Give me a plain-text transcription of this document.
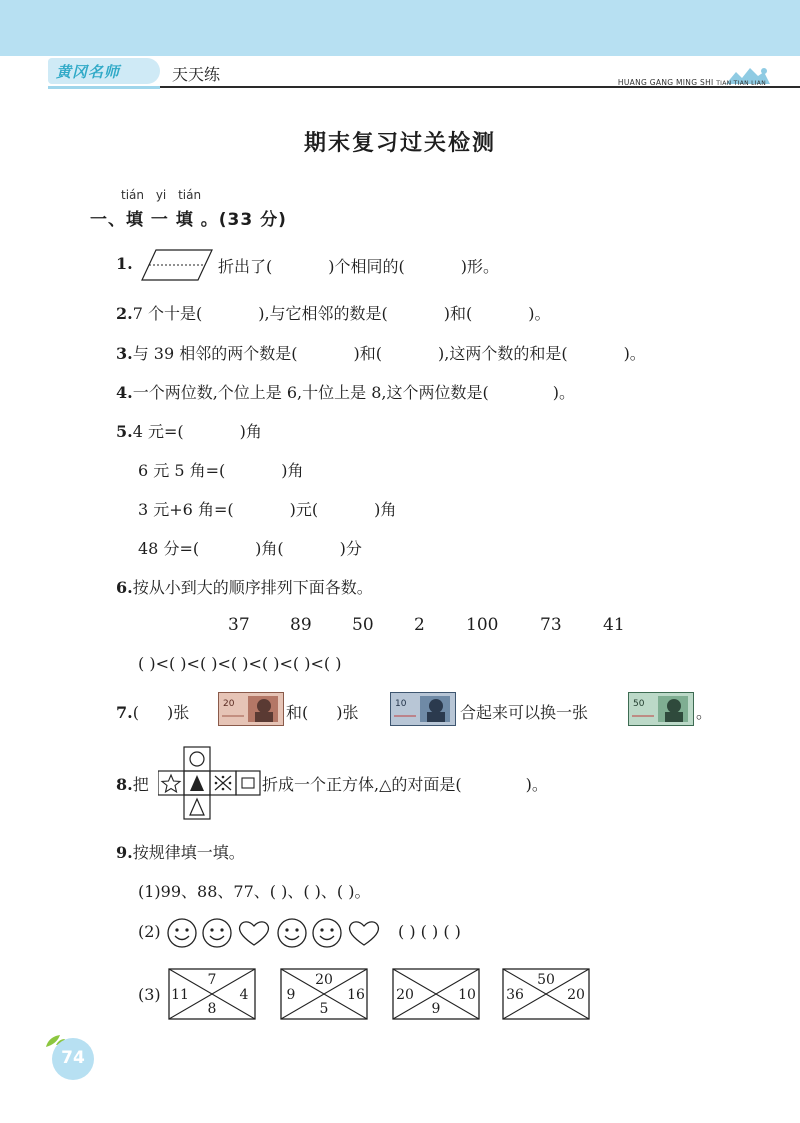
黄冈名师	天天练	HUANG GANG MING SHI TIAN TIAN LIAN
期末复习过关检测
tián yi tián
一、填 一 填 。(33 分)
1.	折出了(	)个相同的(	)形。
2.7 个十是(	),与它相邻的数是(	)和(	)。
3.与 39 相邻的两个数是(	)和(	),这两个数的和是(	)。
4.一个两位数,个位上是 6,十位上是 8,这个两位数是(	)。
5.4 元=(	)角
6 元 5 角=(	)角
3 元+6 角=(	)元(	)角
48 分=(	)角(	)分
6.按从小到大的顺序排列下面各数。
37 89 50 2 100 73 41
( )<( )<( )<( )<( )<( )<( )
7.( )张	20	和( )张	10	合起来可以换一张	50	。
8.把	折成一个正方体,△的对面是(	)。
9.按规律填一填。
(1)99、88、77、( )、( )、( )。
(2)	( ) ( ) ( )
(3)
7
11	4
8
20
9	16
5
20	10
9
50
36	20
74
